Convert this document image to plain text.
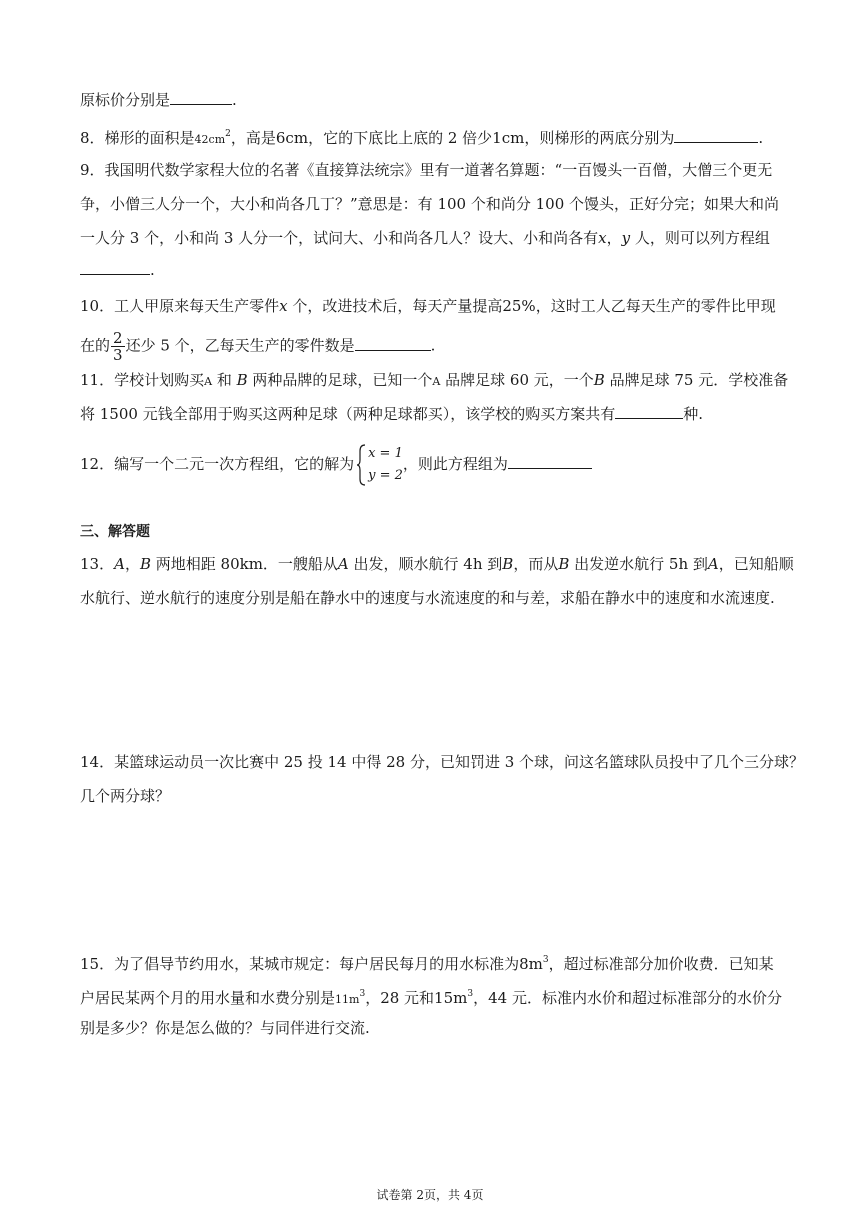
原标价分别是	.
8．梯形的面积是$42cm^2$，高是6cm，它的下底比上底的 2 倍少1cm，则梯形的两底分别为	.
9．我国明代数学家程大位的名著《直接算法统宗》里有一道著名算题：“一百馒头一百僧，大僧三个更无
争，小僧三人分一个，大小和尚各几丁？”意思是：有 100 个和尚分 100 个馒头，正好分完；如果大和尚
一人分 3 个，小和尚 3 人分一个，试问大、小和尚各几人？设大、小和尚各有x，y 人，则可以列方程组
.
10．工人甲原来每天生产零件x 个，改进技术后，每天产量提高25%，这时工人乙每天生产的零件比甲现
在的 $\frac{2}{3}$ 还少 5 个，乙每天生产的零件数是	.
11．学校计划购买A 和 B 两种品牌的足球，已知一个A 品牌足球 60 元，一个B 品牌足球 75 元．学校准备
将 1500 元钱全部用于购买这两种足球（两种足球都买），该学校的购买方案共有	种.
12．编写一个二元一次方程组，它的解为
x = 1
y = 2
，则此方程组为
三、解答题
13．A，B 两地相距 80km．一艘船从A 出发，顺水航行 4h 到B，而从B 出发逆水航行 5h 到A，已知船顺
水航行、逆水航行的速度分别是船在静水中的速度与水流速度的和与差，求船在静水中的速度和水流速度.
14．某篮球运动员一次比赛中 25 投 14 中得 28 分，已知罚进 3 个球，问这名篮球队员投中了几个三分球？
几个两分球？
15．为了倡导节约用水，某城市规定：每户居民每月的用水标准为$8m^3$，超过标准部分加价收费．已知某
户居民某两个月的用水量和水费分别是$11m^3$，28 元和$15m^3$，44 元．标准内水价和超过标准部分的水价分
别是多少？你是怎么做的？与同伴进行交流.
试卷第 2页，共 4页
